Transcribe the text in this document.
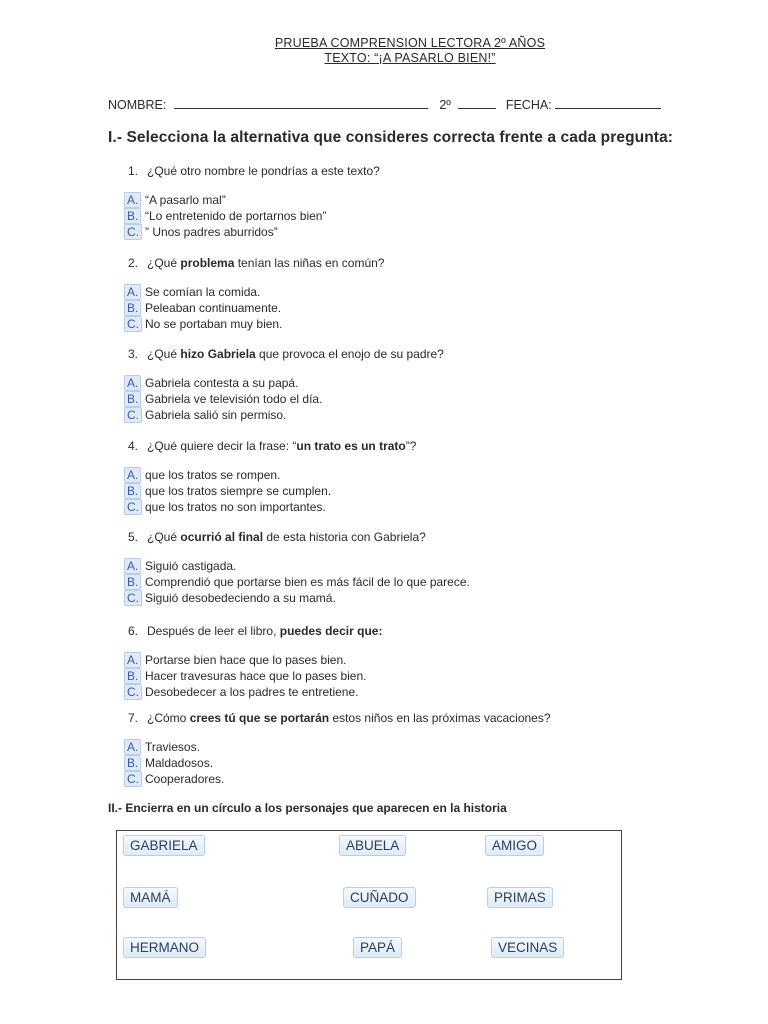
PRUEBA COMPRENSION LECTORA 2º AÑOS
TEXTO: “¡A PASARLO BIEN!”
NOMBRE:	2º	FECHA:
I.- Selecciona la alternativa que consideres correcta frente a cada pregunta:
1. ¿Qué otro nombre le pondrías a este texto?
A. “A pasarlo mal”
B. “Lo entretenido de portarnos bien”
C. ” Unos padres aburridos”
2. ¿Qué problema tenían las niñas en común?
A. Se comían la comida.
B. Peleaban continuamente.
C. No se portaban muy bien.
3. ¿Qué hizo Gabriela que provoca el enojo de su padre?
A. Gabriela contesta a su papá.
B. Gabriela ve televisión todo el día.
C. Gabriela salió sin permiso.
4. ¿Qué quiere decir la frase: “un trato es un trato”?
A. que los tratos se rompen.
B. que los tratos siempre se cumplen.
C. que los tratos no son importantes.
5. ¿Qué ocurrió al final de esta historia con Gabriela?
A. Siguió castigada.
B. Comprendió que portarse bien es más fácil de lo que parece.
C. Siguió desobedeciendo a su mamá.
6. Después de leer el libro, puedes decir que:
A. Portarse bien hace que lo pases bien.
B. Hacer travesuras hace que lo pases bien.
C. Desobedecer a los padres te entretiene.
7. ¿Cómo crees tú que se portarán estos niños en las próximas vacaciones?
A. Traviesos.
B. Maldadosos.
C. Cooperadores.
II.- Encierra en un círculo a los personajes que aparecen en la historia
GABRIELA	ABUELA	AMIGO
MAMÁ	CUÑADO	PRIMAS
HERMANO	PAPÁ	VECINAS
